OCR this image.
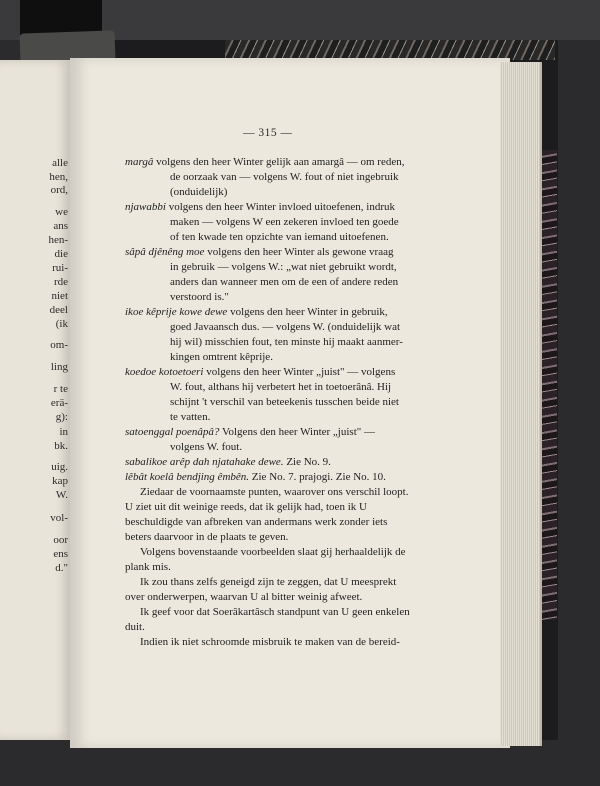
alle
hen,
ord,
we
ans
hen-
die
rui-
rde
niet
deel
(ik
om-
ling
r te
erä-
g):
in
bk.
uig.
kap
W.
vol-
oor
ens
d."
— 315 —
margâ volgens den heer Winter gelijk aan amargâ — om reden,
de oorzaak van — volgens W. fout of niet ingebruik
(onduidelijk)
njawabbi volgens den heer Winter invloed uitoefenen, indruk
maken — volgens W een zekeren invloed ten goede
of ten kwade ten opzichte van iemand uitoefenen.
sâpâ djênêng moe volgens den heer Winter als gewone vraag
in gebruik — volgens W.: „wat niet gebruikt wordt,
anders dan wanneer men om de een of andere reden
verstoord is."
ikoe kêprije kowe dewe volgens den heer Winter in gebruik,
goed Javaansch dus. — volgens W. (onduidelijk wat
hij wil) misschien fout, ten minste hij maakt aanmer-
kingen omtrent kêprije.
koedoe kotoetoeri volgens den heer Winter „juist" — volgens
W. fout, althans hij verbetert het in toetoerânâ. Hij
schijnt 't verschil van beteekenis tusschen beide niet
te vatten.
satoenggal poenâpâ? Volgens den heer Winter „juist" —
volgens W. fout.
sabalikoe arêp dah njatahake dewe. Zie No. 9.
lêbât koelâ bendjing êmbên. Zie No. 7. prajogi. Zie No. 10.
Ziedaar de voornaamste punten, waarover ons verschil loopt.
U ziet uit dit weinige reeds, dat ik gelijk had, toen ik U
beschuldigde van afbreken van andermans werk zonder iets
beters daarvoor in de plaats te geven.
Volgens bovenstaande voorbeelden slaat gij herhaaldelijk de
plank mis.
Ik zou thans zelfs geneigd zijn te zeggen, dat U meesprekt
over onderwerpen, waarvan U al bitter weinig afweet.
Ik geef voor dat Soerâkartâsch standpunt van U geen enkelen
duit.
Indien ik niet schroomde misbruik te maken van de bereid-
